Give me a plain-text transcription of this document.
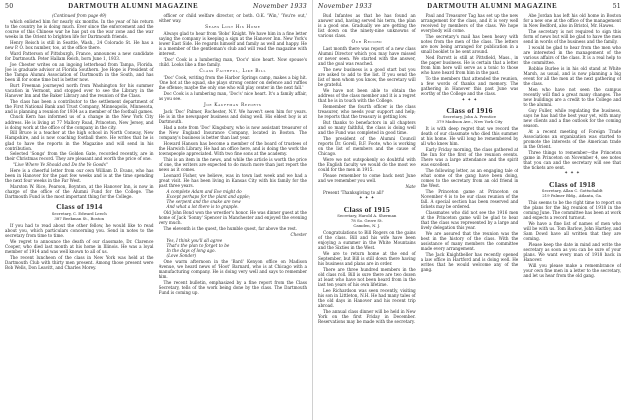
50	DARTMOUTH ALUMNI MAGAZINE	November 1933

(Continued from page 49)

which enlisted him for nearly six months. In the year of his return to the country he is doing much. Ever since the enforcement and the course of this Chinese war he has put on the war zone and the war weeks in the Orient to brighten life for Dartmouth friends.

Henry Reisch is still in Seattle, Wash., 24 Colorado St. He has a new P. O. box number, too, at the office there.

Ward Patterson of Pittsburgh, France, announces a new candidate for Dartmouth. Peter Hallam Reich, born June 1, 1933.

Joe Chester writes on an ingoing letterhead from Tampa, Florida. Joe is graduate advisor at Florida Southern. Joe Hope is President of the Tampa Alumni Association of Dartmouth in the South, and has been ill for some time but is better now.

Burt Freeman journeyed north from Washington for his summer vacation in Vermont, and stopped over to see the Library in the Hanover Inn and the Baker Library and the reunion of the Class.

The class has been a contributor to the settlement department of the First National Bank and Trust Company, Minneapolis, Minnesota, and is planning a reunion for 1934 as a member of the football games.

Chuck Kern has informed us of a change in the New York City address. He is living at 77 Mallory Road, Princeton, New Jersey, and is doing work at the office of the company in the city.

Bill Bruce is a teacher at the high school in North Conway, New Hampshire, and is now coaching football there. He writes that he is glad to have the reports in the Magazine and will send in his contribution.

Selected 'Songs' from the Golden Gate, recorded recently, are in their Christmas record. They are pleasant and worth the price of one.

"Live Where Ye Should and Do the Ye Goods"

Here is a cheerful letter from our own William D. Evans, who has been in Hanover for the past few weeks and is at the time spending the next four weeks in the Far West.

Marston W. Rice, Pearson, Boynton, at the Hanover Inn, is now in charge of the office of the Alumni Fund for the College. The Dartmouth Fund is the most important thing for the College.

Class of 1914
Secretary, C. Edward Leech
387 Beekman St., Boston

If you had to read about the other fellow, he would like to read about you, which particulars concerning you. Send in notes to the secretary from time to time.

We regret to announce the death of our classmate, Dr. Clarence Cooper, who died last month at his home in Illinois. He was a loyal member of 1914 and was well known to all of us.

The recent luncheon of the class in New York was held at the Dartmouth Club with thirty men present. Among those present were Bob Wells, Don Leavitt, and Charles Morey.

officer or child welfare director, or both. O.K. 'Win,' 'You're out,' either way.

Sears Lost His Home

Always glad to hear from 'Bobs' Knight. We have him in a fine letter saying the company is keeping a sign at the Hanover Inn. New York's lower East Side. He regards himself and family as well and happy. He is a member of the gentleman's club and will read the magazine with interest.

'Doc' Cook is a lumbering man, 'Doc's' nice heart. Now spouse's child. Looks like a fine family.

Class Faithful, Like Bill

'Doc' Cook, writing from the Harbor Springs camp, makes a big hit. 'One hot at the squad, she plays strong center on defence and ruffles the offense; maybe the only one who will play center in the next fall.'

Doc Cook is a lumbering man, 'Doc's' nice heart. It's a family affair, as you see.

Joe Kauffman Reports

Jack 'Doc' Palmer, Rochester, N.Y. We haven't seen him for years. He is in the newspaper business and doing well. His eldest boy is at Dartmouth.

Had a note from 'Doc' Kingsbury, who is now assistant treasurer of the New England Insurance Company, located in Boston. The company's business is better than last year.

Howard Hanson has become a member of the board of trustees of the Harwich Library. He had an office here, and is doing the work the townspeople appreciated. With two fine sons at the academy.

This is an item in the news, and while the article is worth the price of one, the writers are expected to do much more than just report the news as it comes.

Leonard Fisher, we believe, was in town last week and we had a great visit. He has been living in Kansas City with his family for the past three years.

A complete Adam and Eve might do
Except perhaps for the plant and apple;
The serpent and the snake are new
And what a lot there is to grapple.

Old John Bond won the wrestler's honor. He was dinner guest at the home of Jack 'Sonny' Spencer in Manchester and enjoyed the evening very much.

The eleventh is the quest, the humble quest, far above the rest.

Chester

Yes, I think you'll all agree
That's the plan to forget to be
In the days of long ago.
(Love Sonder)

One warm afternoon in the 'Bard' Kenyon office on Madison Avenue, we heard news of 'Hoot' Barnard, who is at Chicago with a manufacturing company. He is doing very well and says to remember him.

The recent bulletin, emphasized by a fine report from the Class Secretary, tells of the work being done by the class. The Dartmouth Fund is coming up.

November 1933	DARTMOUTH ALUMNI MAGAZINE	51

Bud Infantes as that he has found an answer and, having served his term, the plan is a good one. Gradually we are getting the list down on the ninety-nine unknowns of various class.

Our Record

Last month there was report of a new class Alumni Director which you may have missed or never seen. We started with the answer, and the goal was reached.

The new business is a good start but you are asked to add to the list. If you send the list of men whom you know, the secretary will be grateful.

We have not been able to obtain the address of the class member and it is a regret that he is in touch with the College.

Remember the fourth officer is the class treasurer, who needs your support and help; he reports that the treasury is getting low.

But thanks to benefactors in all chapters and so many faithful, the class is doing well and the Fund was completed in good time.

The president of the Alumni Council reports Dr. Gorell, B.F. Foote, who is working on the list of members and the cause of Chicago.

Were we not outspokenly so doubtful with the English faculty we would do the most we could for the men in 1915.

Please remember to come back next June and we remember you well.

Nate

Present 'Thanksgiving to all!'

✦ ✦ ✦
Class of 1915
Secretary, Harold A. Sherman
78 So. Grove St.
Camden, N. J.

Congratulations to Bill Rogers on the gains of the class. Bill and his wife have been enjoying a summer in the White Mountains and the Sixties in the West.

We are to return home at the end of September, but Bill is still down there having his business and plans are in order.

There are three hundred members in the old class roll. Bill is sure there are two dozen at least who have not been heard from in the last ten years of his own lifetime.

Lee Richardson was seen recently, visiting his son in Littleton, N.H. He had many tales of the old days in Hanover and his recent trip abroad.

The annual class dinner will be held in New York on the first Friday in December. Reservations may be made with the secretary.

Paul and Treasurer Tag has set up the new arrangement for the class, and it is very well received by members of the class. We hope everybody will come.

The secretary's mail has been heavy with notes from the men of the class. The letters are now being arranged for publication in a small booklet to be sent around.

Ned Parrott is still at Pittsfield, Mass., in the paper business. He is certain that a letter from him here will serve as a tonic to those who have heard from him in the past.

To the members that attended the reunion, a few words of thanks and memory. The gathering in Hanover this past June was worthy of the College and the class.

✦ ✦ ✦
Class of 1916
Secretary, John A. Prentice
379 Madison Ave., New York City

It is with deep regret that we record the death of our classmate who died this summer at his home. He will long be remembered by all who knew him.

Early Friday morning, the class gathered at the Inn for the first of the reunion events. There was a large attendance and the spirit was excellent.

The following letter, as an engaging tale of what some of the gang have been doing, comes to the secretary from an old friend in the West.

The Princeton game at Princeton on November 4 is to be our class reunion of the fall. A special section has been reserved and tickets may be ordered.

Classmates who did not see the 1916 men at the Princeton game will be glad to hear that the class was represented by a large and lively delegation this year.

We are assured that the reunion was the best in the history of the class. With the assistance of many members the committee made every arrangement.

The Jack Knightbeller has recently opened a law office in Hartford and is doing well. He writes that he would welcome any of the gang.

Abe Jordan has left his old home in Boston for a new one at the office of the management in New Bedford, also in Bristol, Mr. Hawes.

The secretary is not required to sign this form of news but will be glad to have the men send in words of the business and the family.

I would be glad to hear from the men who are interested in the management of the various affairs of the class. It is a real help to the committee.

Robbie Burlee is in his old stand at White Marsh, as usual, and is now planning a big event for all the men at the next gathering of the class.

Men who have not seen the campus recently will find a great many changes. The new buildings are a credit to the College and to the alumni.

Guy Fuller, while regulating the business, says he has had the best year yet, with many new clients and a fine outlook for the coming season.

At a recent meeting of Foreign Trade Associations an organization was started to promote the interests of the American trade in the Orient.

Three things to remember—the Princeton game in Princeton on November 4, see notes that you can and the secretary will see that the tickets are sent.

✦ ✦ ✦
Class of 1918
Secretary, Allan C. Gottschaldt
219 Palmer Bldg., Atlanta, Ga.

This seems to be the right time to report on the plans for the big reunion of 1918 in the coming June. The committee has been at work and expects a record turnout.

We have a fine list of names of men who will be with us. Tom Barlow, John Hartley, and Sam Dowd have all written that they are coming.

Please keep the date in mind and write the secretary as soon as you can be sure of your plans. We want every man of 1918 back in Hanover.

Will you please make a remembrance of your own fine men in a letter to the secretary, and let us hear from the old gang.
